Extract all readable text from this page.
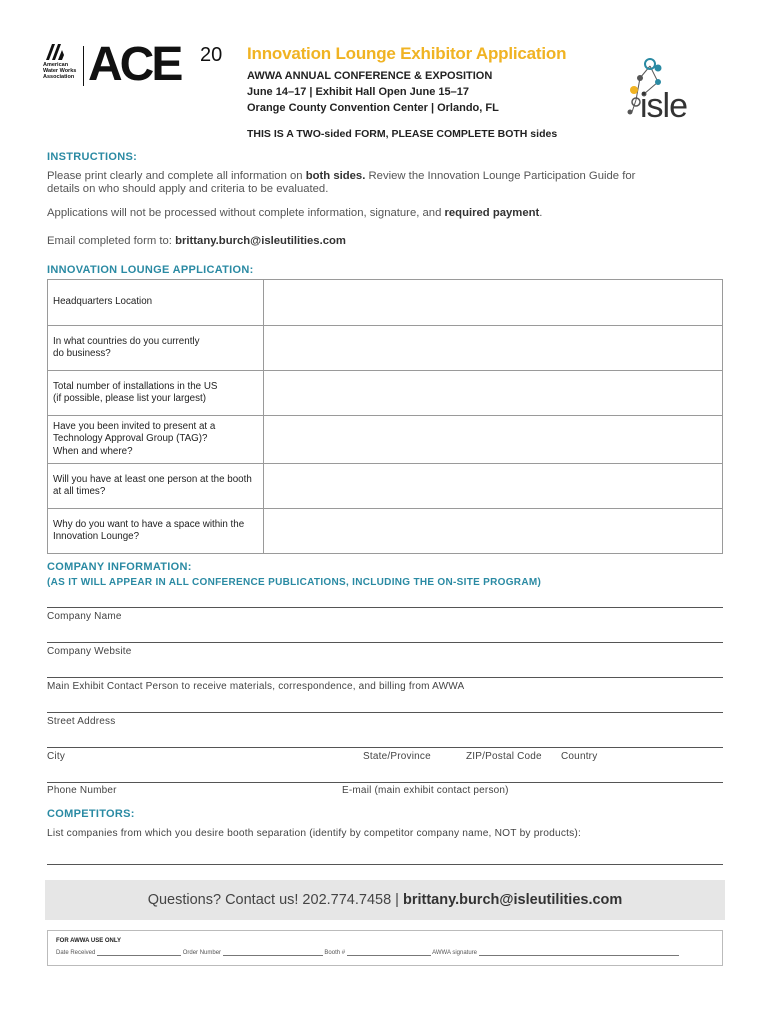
American
Water Works
Association ACE 20 Innovation Lounge Exhibitor Application
AWWA ANNUAL CONFERENCE & EXPOSITION
June 14–17 | Exhibit Hall Open June 15–17
Orange County Convention Center | Orlando, FL
THIS IS A TWO-sided FORM, PLEASE COMPLETE BOTH sides
isle
INSTRUCTIONS:
Please print clearly and complete all information on both sides. Review the Innovation Lounge Participation Guide for
details on who should apply and criteria to be evaluated.
Applications will not be processed without complete information, signature, and required payment.
Email completed form to: brittany.burch@isleutilities.com
INNOVATION LOUNGE APPLICATION:
Headquarters Location	

In what countries do you currently
do business?	

Total number of installations in the US
(if possible, please list your largest)	

Have you been invited to present at a
Technology Approval Group (TAG)?
When and where?	

Will you have at least one person at the booth
at all times?	

Why do you want to have a space within the
Innovation Lounge?	

COMPANY INFORMATION:
(AS IT WILL APPEAR IN ALL CONFERENCE PUBLICATIONS, INCLUDING THE ON-SITE PROGRAM)
Company Name
Company Website
Main Exhibit Contact Person to receive materials, correspondence, and billing from AWWA
Street Address
City	State/Province	ZIP/Postal Code Country
Phone Number	E-mail (main exhibit contact person)
COMPETITORS:
List companies from which you desire booth separation (identify by competitor company name, NOT by products):
Questions? Contact us! 202.774.7458 | brittany.burch@isleutilities.com
FOR AWWA USE ONLY
Date Received	Order Number	Booth #	AWWA signature
